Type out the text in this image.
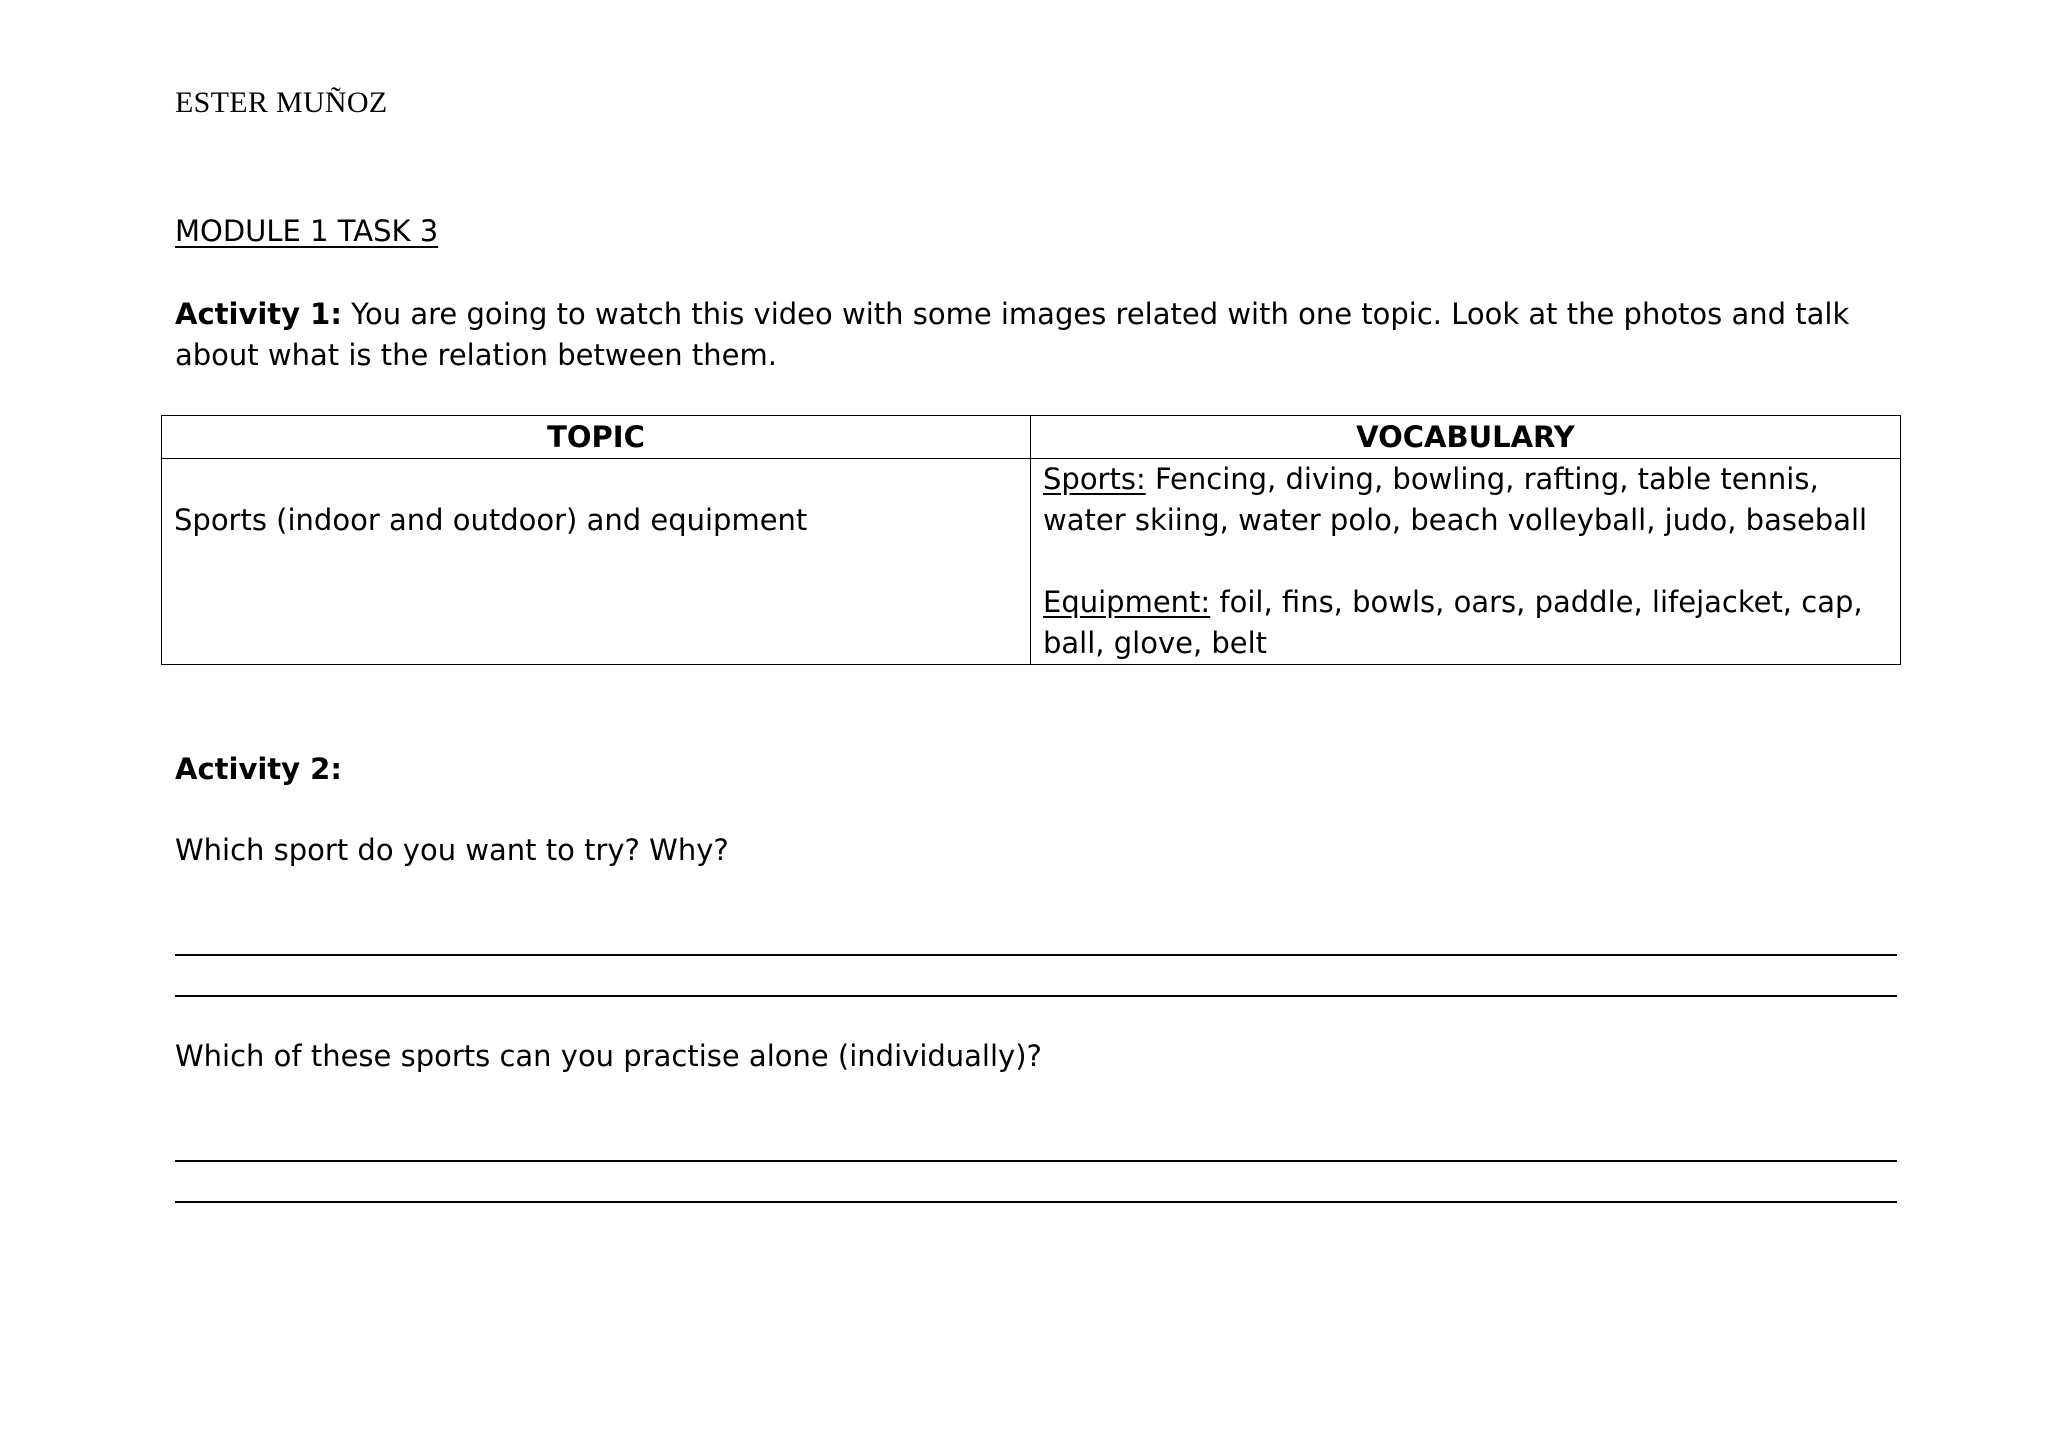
ESTER MUÑOZ
MODULE 1 TASK 3
Activity 1: You are going to watch this video with some images related with one topic. Look at the photos and talk about what is the relation between them.
TOPIC	VOCABULARY

Sports (indoor and outdoor) and equipment	Sports: Fencing, diving, bowling, rafting, table tennis, water skiing, water polo, beach volleyball, judo, baseball
Equipment: foil, fins, bowls, oars, paddle, lifejacket, cap, ball, glove, belt
Activity 2:
Which sport do you want to try? Why?
Which of these sports can you practise alone (individually)?
